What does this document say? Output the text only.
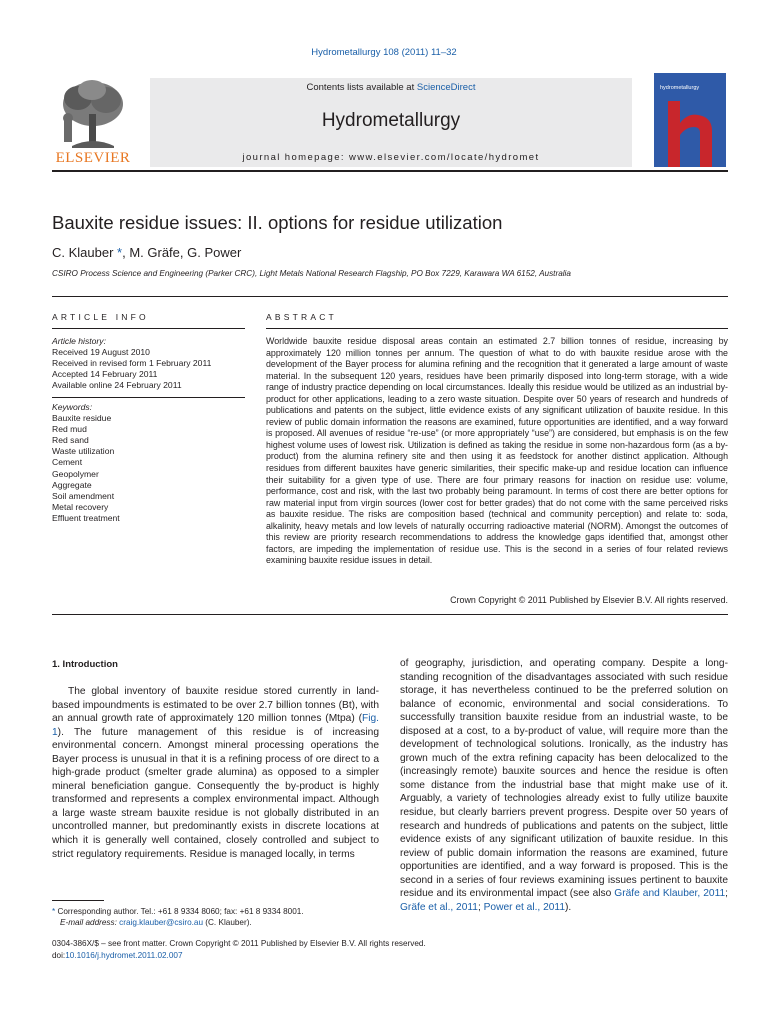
Hydrometallurgy 108 (2011) 11–32
Contents lists available at ScienceDirect
Hydrometallurgy
journal homepage: www.elsevier.com/locate/hydromet
ELSEVIER
hydrometallurgy
Bauxite residue issues: II. options for residue utilization
C. Klauber *, M. Gräfe, G. Power
CSIRO Process Science and Engineering (Parker CRC), Light Metals National Research Flagship, PO Box 7229, Karawara WA 6152, Australia
ARTICLE INFO
Article history:
Received 19 August 2010
Received in revised form 1 February 2011
Accepted 14 February 2011
Available online 24 February 2011
Keywords:
Bauxite residue
Red mud
Red sand
Waste utilization
Cement
Geopolymer
Aggregate
Soil amendment
Metal recovery
Effluent treatment
ABSTRACT
Worldwide bauxite residue disposal areas contain an estimated 2.7 billion tonnes of residue, increasing by approximately 120 million tonnes per annum. The question of what to do with bauxite residue arose with the development of the Bayer process for alumina refining and the recognition that it generated a large amount of waste material. In the subsequent 120 years, residues have been primarily disposed into long-term storage, with a wide range of industry practice depending on local circumstances. Ideally this residue would be utilized as an industrial by-product for other applications, leading to a zero waste situation. Despite over 50 years of research and hundreds of publications and patents on the subject, little evidence exists of any significant utilization of bauxite residue. In this review of public domain information the reasons are examined, future opportunities are identified, and a way forward is proposed. All avenues of residue “re-use” (or more appropriately “use”) are considered, but emphasis is on the few highest volume uses of lowest risk. Utilization is defined as taking the residue in some non-hazardous form (as a by-product) from the alumina refinery site and then using it as feedstock for another distinct application. Although residues from different bauxites have generic similarities, their specific make-up and residue location can influence their suitability for a given type of use. There are four primary reasons for inaction on residue use: volume, performance, cost and risk, with the last two probably being paramount. In terms of cost there are better options for raw material input from virgin sources (lower cost for better grades) that do not come with the same perceived risks as bauxite residue. The risks are composition based (technical and community perception) and relate to: soda, alkalinity, heavy metals and low levels of naturally occurring radioactive material (NORM). Amongst the outcomes of this review are priority research recommendations to address the knowledge gaps identified that, amongst other factors, are impeding the implementation of residue use. This is the second in a series of four related reviews examining bauxite residue issues in detail.
Crown Copyright © 2011 Published by Elsevier B.V. All rights reserved.
1. Introduction
The global inventory of bauxite residue stored currently in land-based impoundments is estimated to be over 2.7 billion tonnes (Bt), with an annual growth rate of approximately 120 million tonnes (Mtpa) (Fig. 1). The future management of this residue is of increasing environmental concern. Amongst mineral processing operations the Bayer process is unusual in that it is a refining process of ore direct to a high-grade product (smelter grade alumina) as opposed to a simpler mineral beneficiation gangue. Consequently the by-product is highly transformed and represents a complex environmental impact. Although a large waste stream bauxite residue is not globally distributed in an uncontrolled manner, but predominantly exists in discrete locations at which it is generally well contained, closely controlled and subject to strict regulatory requirements. Residue is managed locally, in terms
of geography, jurisdiction, and operating company. Despite a long-standing recognition of the disadvantages associated with such residue storage, it has nevertheless continued to be the preferred solution on balance of economic, environmental and social considerations. To successfully transition bauxite residue from an industrial waste, to be disposed at a cost, to a by-product of value, will require more than the development of technological solutions. Ironically, as the industry has grown much of the extra refining capacity has been delocalized to the (increasingly remote) bauxite sources and hence the residue is often some distance from the industrial base that might make use of it. Arguably, a variety of technologies already exist to fully utilize bauxite residue, but clearly barriers prevent progress. Despite over 50 years of research and hundreds of publications and patents on the subject, little evidence exists of any significant utilization of bauxite residue. In this review of public domain information the reasons are examined, future opportunities are identified, and a way forward is proposed. This is the second in a series of four reviews examining issues pertinent to bauxite residue and its environmental impact (see also Gräfe and Klauber, 2011; Gräfe et al., 2011; Power et al., 2011).
* Corresponding author. Tel.: +61 8 9334 8060; fax: +61 8 9334 8001.
E-mail address: craig.klauber@csiro.au (C. Klauber).
0304-386X/$ – see front matter. Crown Copyright © 2011 Published by Elsevier B.V. All rights reserved.
doi:10.1016/j.hydromet.2011.02.007
